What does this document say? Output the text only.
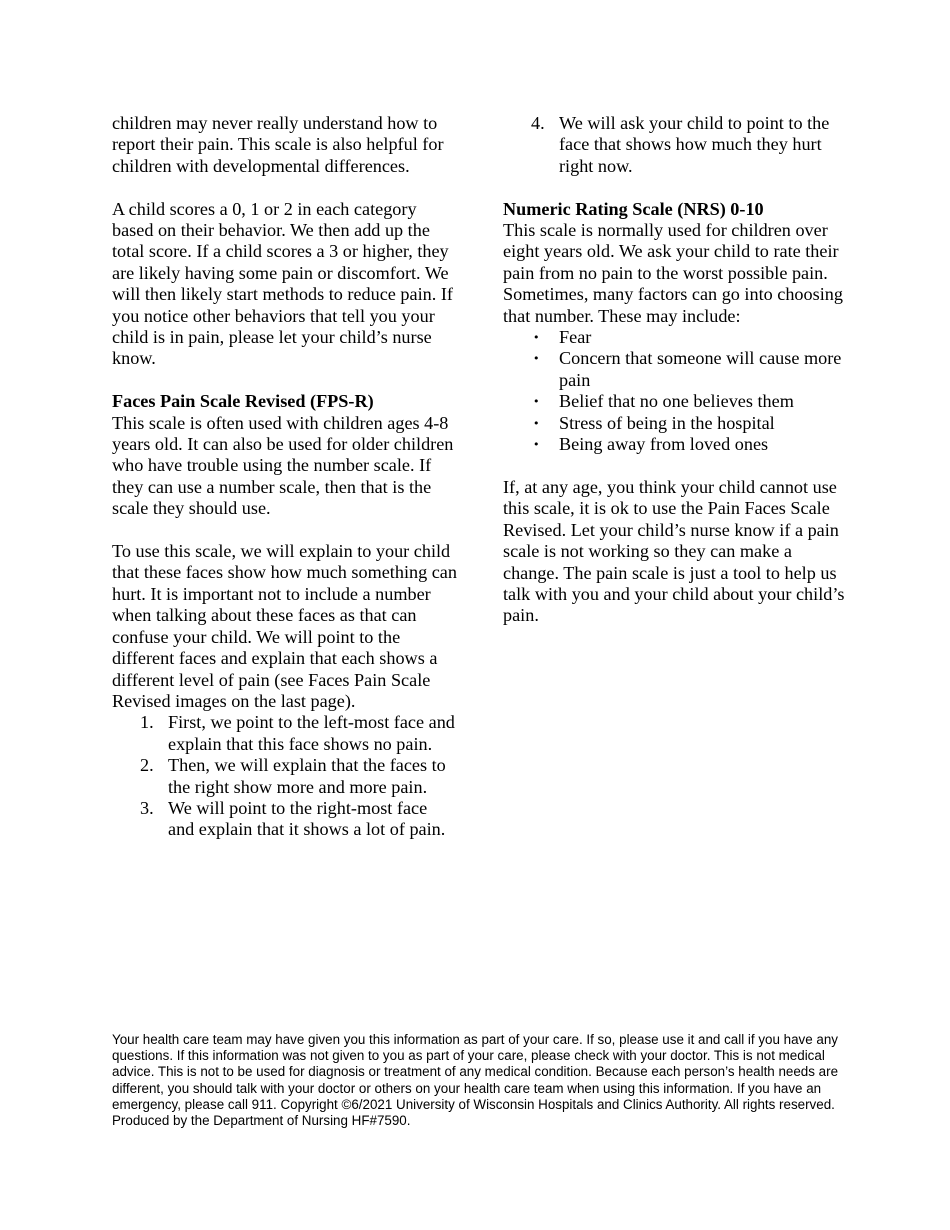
children may never really understand how to report their pain. This scale is also helpful for children with developmental differences.

A child scores a 0, 1 or 2 in each category based on their behavior. We then add up the total score. If a child scores a 3 or higher, they are likely having some pain or discomfort. We will then likely start methods to reduce pain. If you notice other behaviors that tell you your child is in pain, please let your child’s nurse know.

Faces Pain Scale Revised (FPS-R)

This scale is often used with children ages 4-8 years old. It can also be used for older children who have trouble using the number scale. If they can use a number scale, then that is the scale they should use.

To use this scale, we will explain to your child that these faces show how much something can hurt. It is important not to include a number when talking about these faces as that can confuse your child. We will point to the different faces and explain that each shows a different level of pain (see Faces Pain Scale Revised images on the last page).

1. First, we point to the left-most face and explain that this face shows no pain.
2. Then, we will explain that the faces to the right show more and more pain.
3. We will point to the right-most face and explain that it shows a lot of pain.
4. We will ask your child to point to the face that shows how much they hurt right now.

Numeric Rating Scale (NRS) 0-10

This scale is normally used for children over eight years old. We ask your child to rate their pain from no pain to the worst possible pain. Sometimes, many factors can go into choosing that number. These may include:

• Fear
• Concern that someone will cause more pain
• Belief that no one believes them
• Stress of being in the hospital
• Being away from loved ones

If, at any age, you think your child cannot use this scale, it is ok to use the Pain Faces Scale Revised. Let your child’s nurse know if a pain scale is not working so they can make a change. The pain scale is just a tool to help us talk with you and your child about your child’s pain.

Your health care team may have given you this information as part of your care. If so, please use it and call if you have any questions. If this information was not given to you as part of your care, please check with your doctor. This is not medical advice. This is not to be used for diagnosis or treatment of any medical condition. Because each person’s health needs are different, you should talk with your doctor or others on your health care team when using this information. If you have an emergency, please call 911. Copyright ©6/2021 University of Wisconsin Hospitals and Clinics Authority. All rights reserved. Produced by the Department of Nursing HF#7590.
